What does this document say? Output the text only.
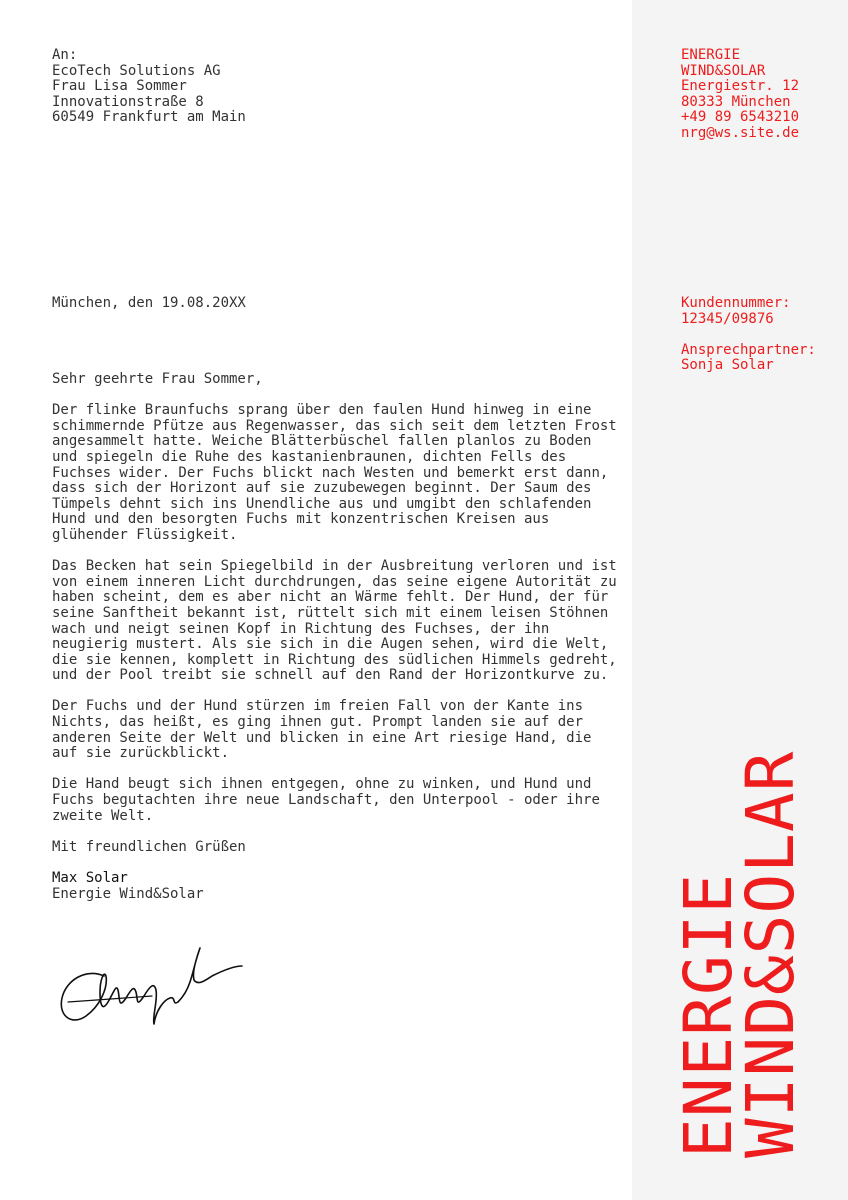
An:
EcoTech Solutions AG
Frau Lisa Sommer
Innovationstraße 8
60549 Frankfurt am Main
München, den 19.08.20XX
Sehr geehrte Frau Sommer,

Der flinke Braunfuchs sprang über den faulen Hund hinweg in eine schimmernde Pfütze aus Regenwasser, das sich seit dem letzten Frost angesammelt hatte. Weiche Blätterbüschel fallen planlos zu Boden und spiegeln die Ruhe des kastanienbraunen, dichten Fells des Fuchses wider. Der Fuchs blickt nach Westen und bemerkt erst dann, dass sich der Horizont auf sie zuzubewegen beginnt. Der Saum des Tümpels dehnt sich ins Unendliche aus und umgibt den schlafenden Hund und den besorgten Fuchs mit konzentrischen Kreisen aus glühender Flüssigkeit.

Das Becken hat sein Spiegelbild in der Ausbreitung verloren und ist von einem inneren Licht durchdrungen, das seine eigene Autorität zu haben scheint, dem es aber nicht an Wärme fehlt. Der Hund, der für seine Sanftheit bekannt ist, rüttelt sich mit einem leisen Stöhnen wach und neigt seinen Kopf in Richtung des Fuchses, der ihn neugierig mustert. Als sie sich in die Augen sehen, wird die Welt, die sie kennen, komplett in Richtung des südlichen Himmels gedreht, und der Pool treibt sie schnell auf den Rand der Horizontkurve zu.

Der Fuchs und der Hund stürzen im freien Fall von der Kante ins Nichts, das heißt, es ging ihnen gut. Prompt landen sie auf der anderen Seite der Welt und blicken in eine Art riesige Hand, die auf sie zurückblickt.

Die Hand beugt sich ihnen entgegen, ohne zu winken, und Hund und Fuchs begutachten ihre neue Landschaft, den Unterpool - oder ihre zweite Welt.

Mit freundlichen Grüßen
Max Solar
Energie Wind&Solar
ENERGIE
WIND&SOLAR
Energiestr. 12
80333 München
+49 89 6543210
nrg@ws.site.de
Kundennummer:
12345/09876
Ansprechpartner:
Sonja Solar
ENERGIE
WIND&SOLAR
